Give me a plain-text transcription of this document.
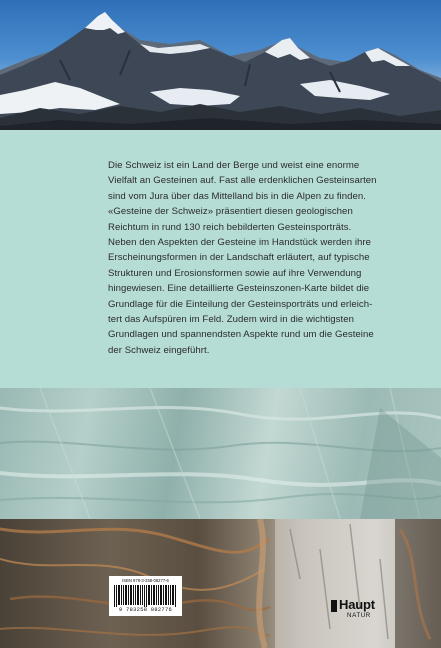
Die Schweiz ist ein Land der Berge und weist eine enorme
Vielfalt an Gesteinen auf. Fast alle erdenklichen Gesteinsarten
sind vom Jura über das Mittelland bis in die Alpen zu finden.
«Gesteine der Schweiz» präsentiert diesen geologischen
Reichtum in rund 130 reich bebilderten Gesteinsporträts.
Neben den Aspekten der Gesteine im Handstück werden ihre
Erscheinungsformen in der Landschaft erläutert, auf typische
Strukturen und Erosionsformen sowie auf ihre Verwendung
hingewiesen. Eine detaillierte Gesteinszonen-Karte bildet die
Grundlage für die Einteilung der Gesteinsporträts und erleich-
tert das Aufspüren im Feld. Zudem wird in die wichtigsten
Grundlagen und spannendsten Aspekte rund um die Gesteine
der Schweiz eingeführt.

ISBN 978-3-258-08277-6
9 783258 082776	Haupt
NATUR
